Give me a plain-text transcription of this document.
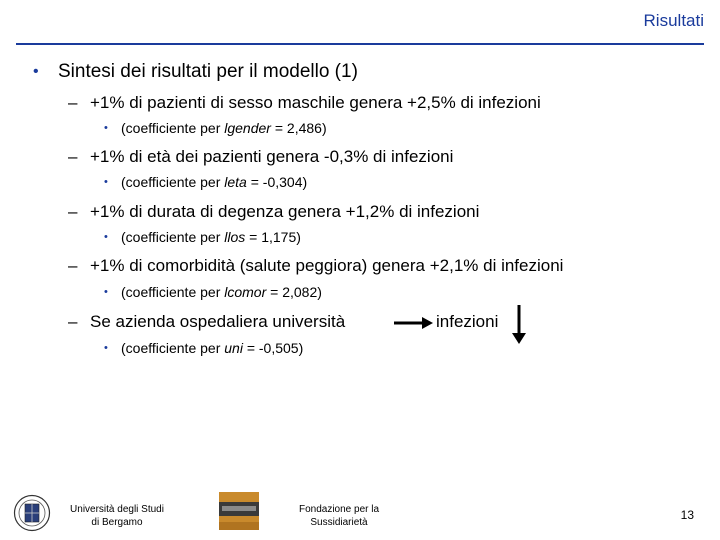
Risultati
• Sintesi dei risultati per il modello (1)
– +1% di pazienti di sesso maschile genera +2,5% di infezioni
• (coefficiente per lgender = 2,486)
– +1% di età dei pazienti genera -0,3% di infezioni
• (coefficiente per leta = -0,304)
– +1% di durata di degenza genera +1,2% di infezioni
• (coefficiente per llos = 1,175)
– +1% di comorbidità (salute peggiora) genera +2,1% di infezioni
• (coefficiente per lcomor = 2,082)
– Se azienda ospedaliera università	infezioni
• (coefficiente per uni = -0,505)
Università degli Studi
di Bergamo
Fondazione per la
Sussidiarietà
13
